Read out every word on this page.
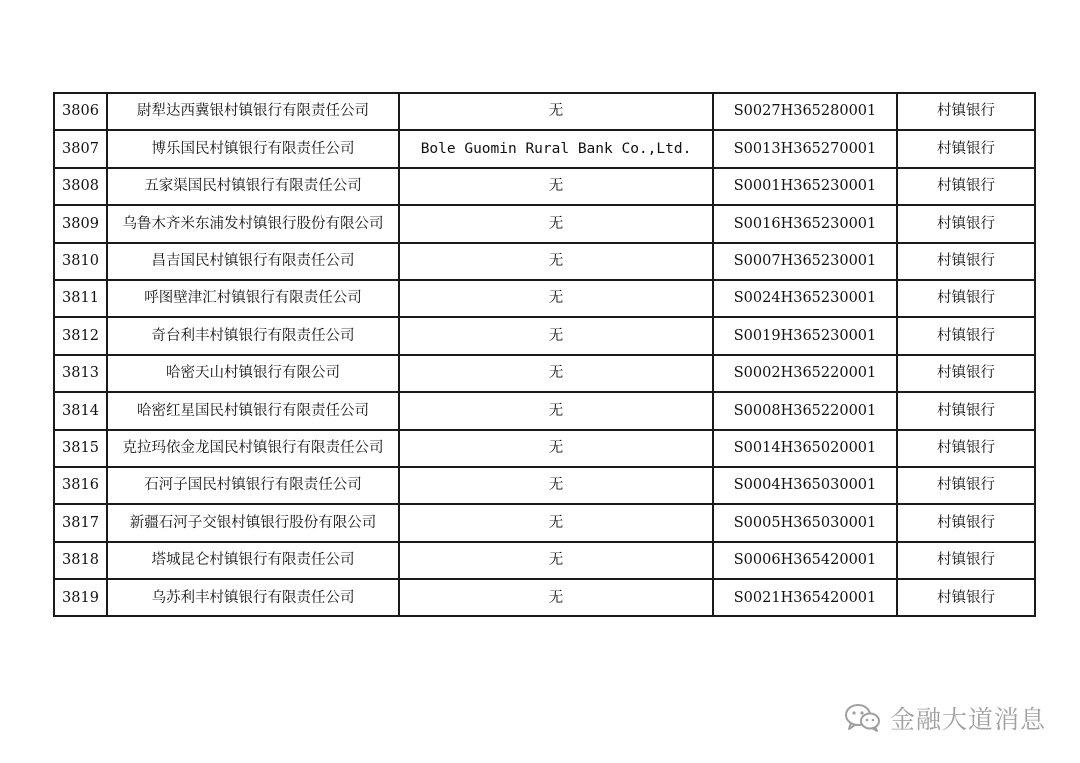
3806	尉犁达西冀银村镇银行有限责任公司	无	S0027H365280001	村镇银行
3807	博乐国民村镇银行有限责任公司	Bole Guomin Rural Bank Co.,Ltd.	S0013H365270001	村镇银行
3808	五家渠国民村镇银行有限责任公司	无	S0001H365230001	村镇银行
3809	乌鲁木齐米东浦发村镇银行股份有限公司	无	S0016H365230001	村镇银行
3810	昌吉国民村镇银行有限责任公司	无	S0007H365230001	村镇银行
3811	呼图壁津汇村镇银行有限责任公司	无	S0024H365230001	村镇银行
3812	奇台利丰村镇银行有限责任公司	无	S0019H365230001	村镇银行
3813	哈密天山村镇银行有限公司	无	S0002H365220001	村镇银行
3814	哈密红星国民村镇银行有限责任公司	无	S0008H365220001	村镇银行
3815	克拉玛依金龙国民村镇银行有限责任公司	无	S0014H365020001	村镇银行
3816	石河子国民村镇银行有限责任公司	无	S0004H365030001	村镇银行
3817	新疆石河子交银村镇银行股份有限公司	无	S0005H365030001	村镇银行
3818	塔城昆仑村镇银行有限责任公司	无	S0006H365420001	村镇银行
3819	乌苏利丰村镇银行有限责任公司	无	S0021H365420001	村镇银行
金融大道消息
